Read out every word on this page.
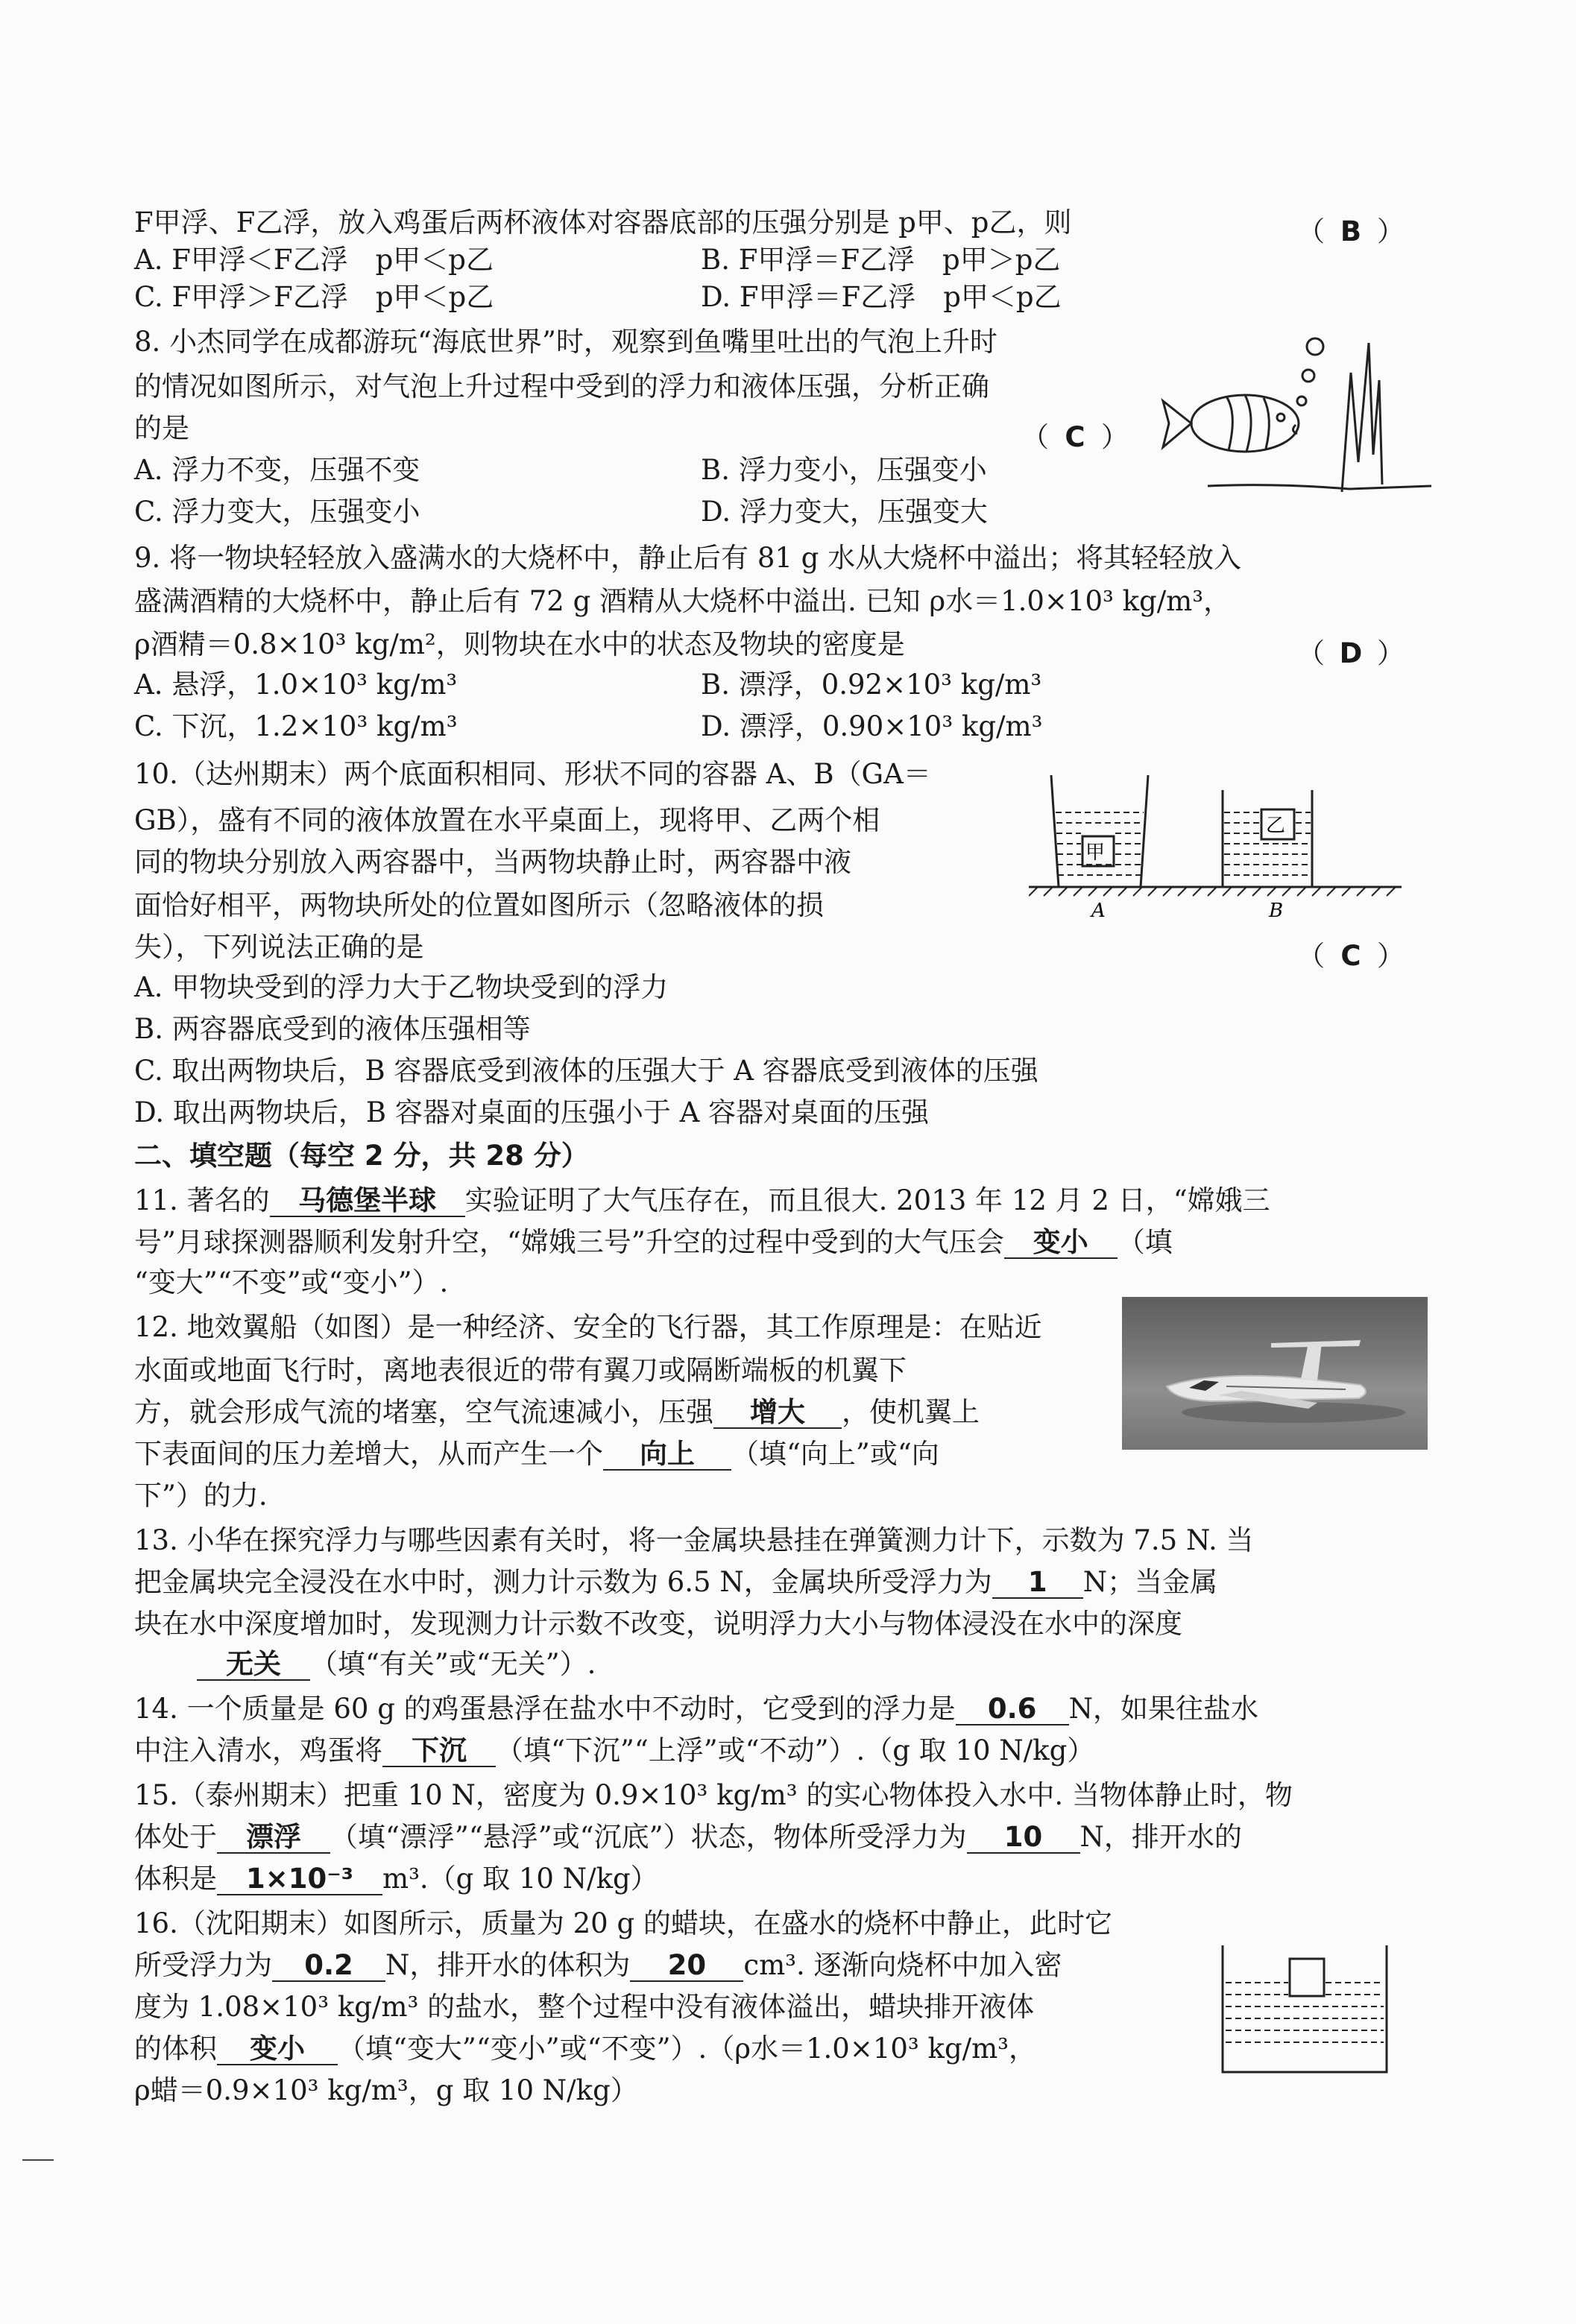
F甲浮、F乙浮，放入鸡蛋后两杯液体对容器底部的压强分别是 p甲、p乙，则	（ B ）
A. F甲浮＜F乙浮　p甲＜p乙	B. F甲浮＝F乙浮　p甲＞p乙
C. F甲浮＞F乙浮　p甲＜p乙	D. F甲浮＝F乙浮　p甲＜p乙
8. 小杰同学在成都游玩“海底世界”时，观察到鱼嘴里吐出的气泡上升时
的情况如图所示，对气泡上升过程中受到的浮力和液体压强，分析正确
的是	（ C ）
A. 浮力不变，压强不变	B. 浮力变小，压强变小
C. 浮力变大，压强变小	D. 浮力变大，压强变大
9. 将一物块轻轻放入盛满水的大烧杯中，静止后有 81 g 水从大烧杯中溢出；将其轻轻放入
盛满酒精的大烧杯中，静止后有 72 g 酒精从大烧杯中溢出. 已知 ρ水＝1.0×10³ kg/m³，
ρ酒精＝0.8×10³ kg/m²，则物块在水中的状态及物块的密度是	（ D ）
A. 悬浮，1.0×10³ kg/m³	B. 漂浮，0.92×10³ kg/m³
C. 下沉，1.2×10³ kg/m³	D. 漂浮，0.90×10³ kg/m³
10.（达州期末）两个底面积相同、形状不同的容器 A、B（GA＝
GB），盛有不同的液体放置在水平桌面上，现将甲、乙两个相
同的物块分别放入两容器中，当两物块静止时，两容器中液
面恰好相平，两物块所处的位置如图所示（忽略液体的损
失），下列说法正确的是	（ C ）
A. 甲物块受到的浮力大于乙物块受到的浮力
B. 两容器底受到的液体压强相等
C. 取出两物块后，B 容器底受到液体的压强大于 A 容器底受到液体的压强
D. 取出两物块后，B 容器对桌面的压强小于 A 容器对桌面的压强
甲
乙
A	B
二、填空题（每空 2 分，共 28 分）
11. 著名的 马德堡半球 实验证明了大气压存在，而且很大. 2013 年 12 月 2 日，“嫦娥三
号”月球探测器顺利发射升空，“嫦娥三号”升空的过程中受到的大气压会 变小 （填
“变大”“不变”或“变小”）.
12. 地效翼船（如图）是一种经济、安全的飞行器，其工作原理是：在贴近
水面或地面飞行时，离地表很近的带有翼刀或隔断端板的机翼下
方，就会形成气流的堵塞，空气流速减小，压强 增大 ，使机翼上
下表面间的压力差增大，从而产生一个 向上 （填“向上”或“向
下”）的力.
13. 小华在探究浮力与哪些因素有关时，将一金属块悬挂在弹簧测力计下，示数为 7.5 N. 当
把金属块完全浸没在水中时，测力计示数为 6.5 N，金属块所受浮力为 1 N；当金属
块在水中深度增加时，发现测力计示数不改变，说明浮力大小与物体浸没在水中的深度
无关 （填“有关”或“无关”）.
14. 一个质量是 60 g 的鸡蛋悬浮在盐水中不动时，它受到的浮力是 0.6 N，如果往盐水
中注入清水，鸡蛋将 下沉 （填“下沉”“上浮”或“不动”）.（g 取 10 N/kg）
15.（泰州期末）把重 10 N，密度为 0.9×10³ kg/m³ 的实心物体投入水中. 当物体静止时，物
体处于 漂浮 （填“漂浮”“悬浮”或“沉底”）状态，物体所受浮力为 10 N，排开水的
体积是 1×10⁻³ m³.（g 取 10 N/kg）
16.（沈阳期末）如图所示，质量为 20 g 的蜡块，在盛水的烧杯中静止，此时它
所受浮力为 0.2 N，排开水的体积为 20 cm³. 逐渐向烧杯中加入密
度为 1.08×10³ kg/m³ 的盐水，整个过程中没有液体溢出，蜡块排开液体
的体积 变小 （填“变大”“变小”或“不变”）.（ρ水＝1.0×10³ kg/m³，
ρ蜡＝0.9×10³ kg/m³，g 取 10 N/kg）
